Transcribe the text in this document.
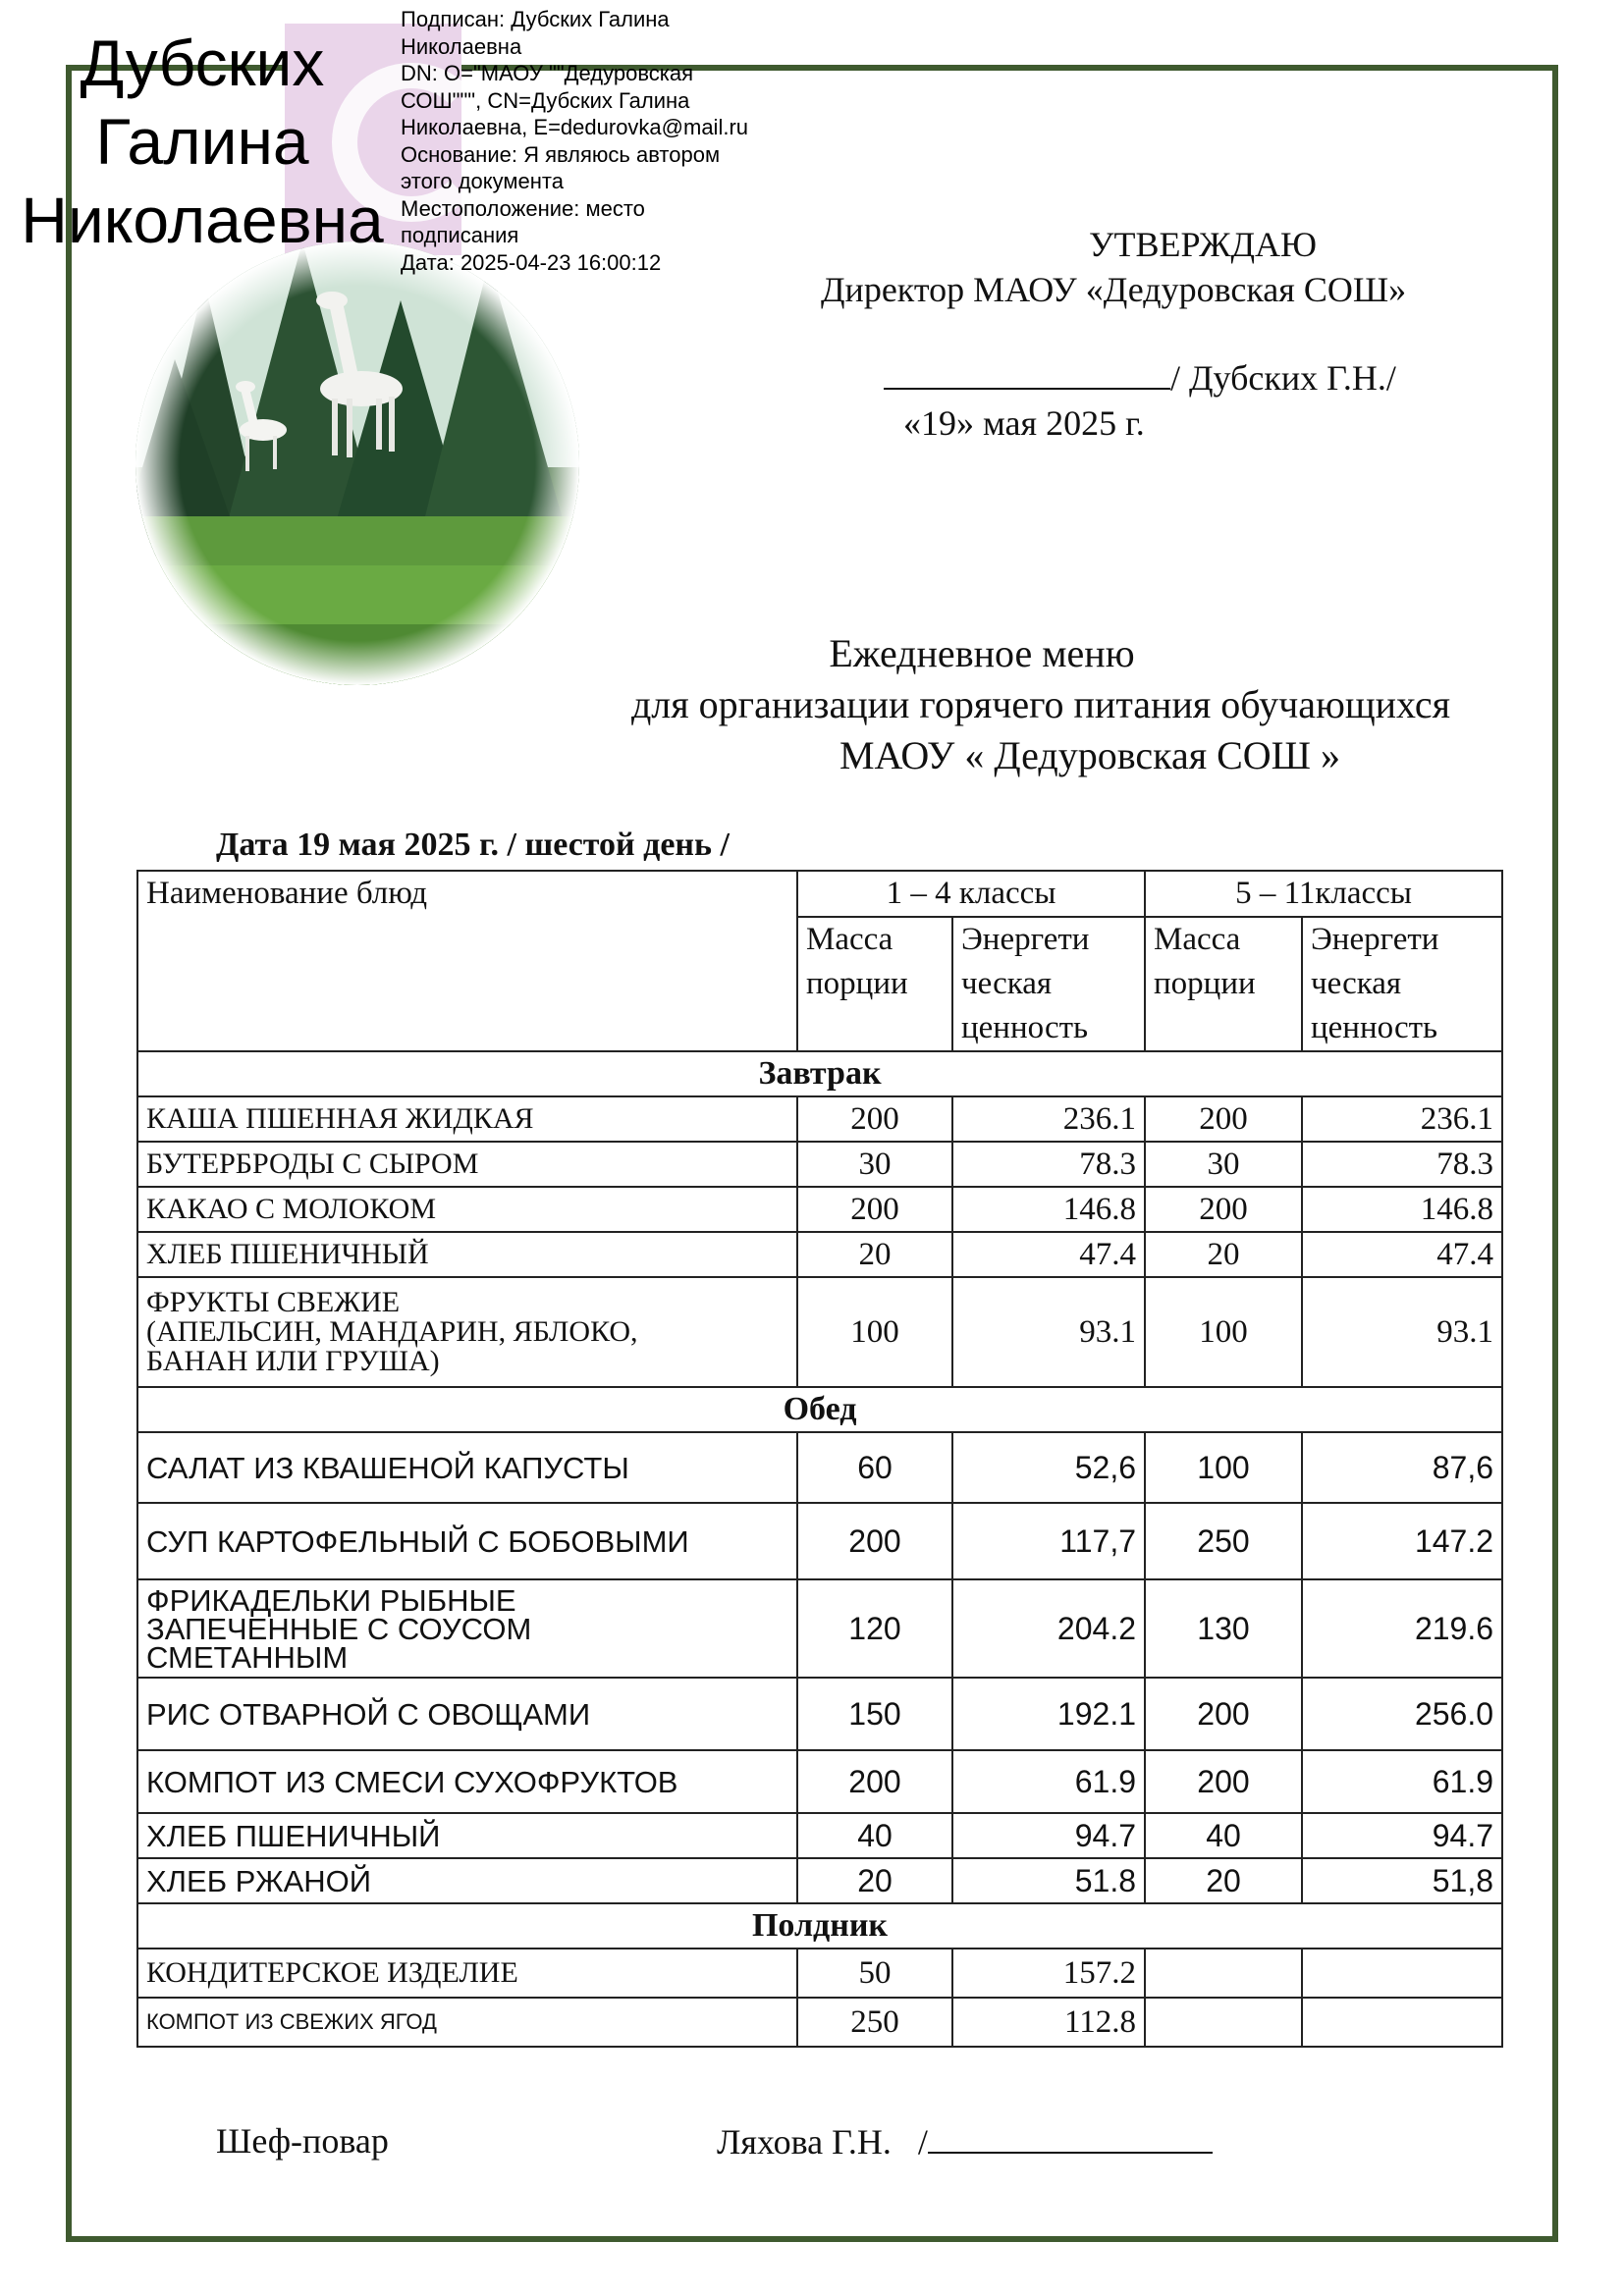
Дубских
Галина
Николаевна
Подписан: Дубских Галина
Николаевна
DN: O="МАОУ ""Дедуровская
СОШ""", CN=Дубских Галина
Николаевна, E=dedurovka@mail.ru
Основание: Я являюсь автором
этого документа
Местоположение: место
подписания
Дата: 2025-04-23 16:00:12	УТВЕРЖДАЮ
Директор МАОУ «Дедуровская СОШ»
/ Дубских Г.Н./
«19» мая 2025 г.
Ежедневное меню
для организации горячего питания обучающихся
МАОУ « Дедуровская СОШ »
Дата 19 мая 2025 г. / шестой день /
Наименование блюд	1 – 4 классы		5 – 11классы	
	Масса порции	Энергети ческая ценность	Масса порции	Энергети ческая ценность
Завтрак				
КАША ПШЕННАЯ ЖИДКАЯ	200	236.1	200	236.1
БУТЕРБРОДЫ С СЫРОМ	30	78.3	30	78.3
КАКАО С МОЛОКОМ	200	146.8	200	146.8
ХЛЕБ ПШЕНИЧНЫЙ	20	47.4	20	47.4
ФРУКТЫ СВЕЖИЕ
(АПЕЛЬСИН, МАНДАРИН, ЯБЛОКО,
БАНАН ИЛИ ГРУША)	100	93.1	100	93.1
Обед				
САЛАТ ИЗ КВАШЕНОЙ КАПУСТЫ	60	52,6	100	87,6
СУП КАРТОФЕЛЬНЫЙ С БОБОВЫМИ	200	117,7	250	147.2
ФРИКАДЕЛЬКИ РЫБНЫЕ
ЗАПЕЧЕННЫЕ С СОУСОМ
СМЕТАННЫМ	120	204.2	130	219.6
РИС ОТВАРНОЙ С ОВОЩАМИ	150	192.1	200	256.0
КОМПОТ ИЗ СМЕСИ СУХОФРУКТОВ	200	61.9	200	61.9
ХЛЕБ ПШЕНИЧНЫЙ	40	94.7	40	94.7
ХЛЕБ РЖАНОЙ	20	51.8	20	51,8
Полдник				
КОНДИТЕРСКОЕ ИЗДЕЛИЕ	50	157.2		
КОМПОТ ИЗ СВЕЖИХ ЯГОД	250	112.8		
Шеф-повар	Ляхова Г.Н. /
